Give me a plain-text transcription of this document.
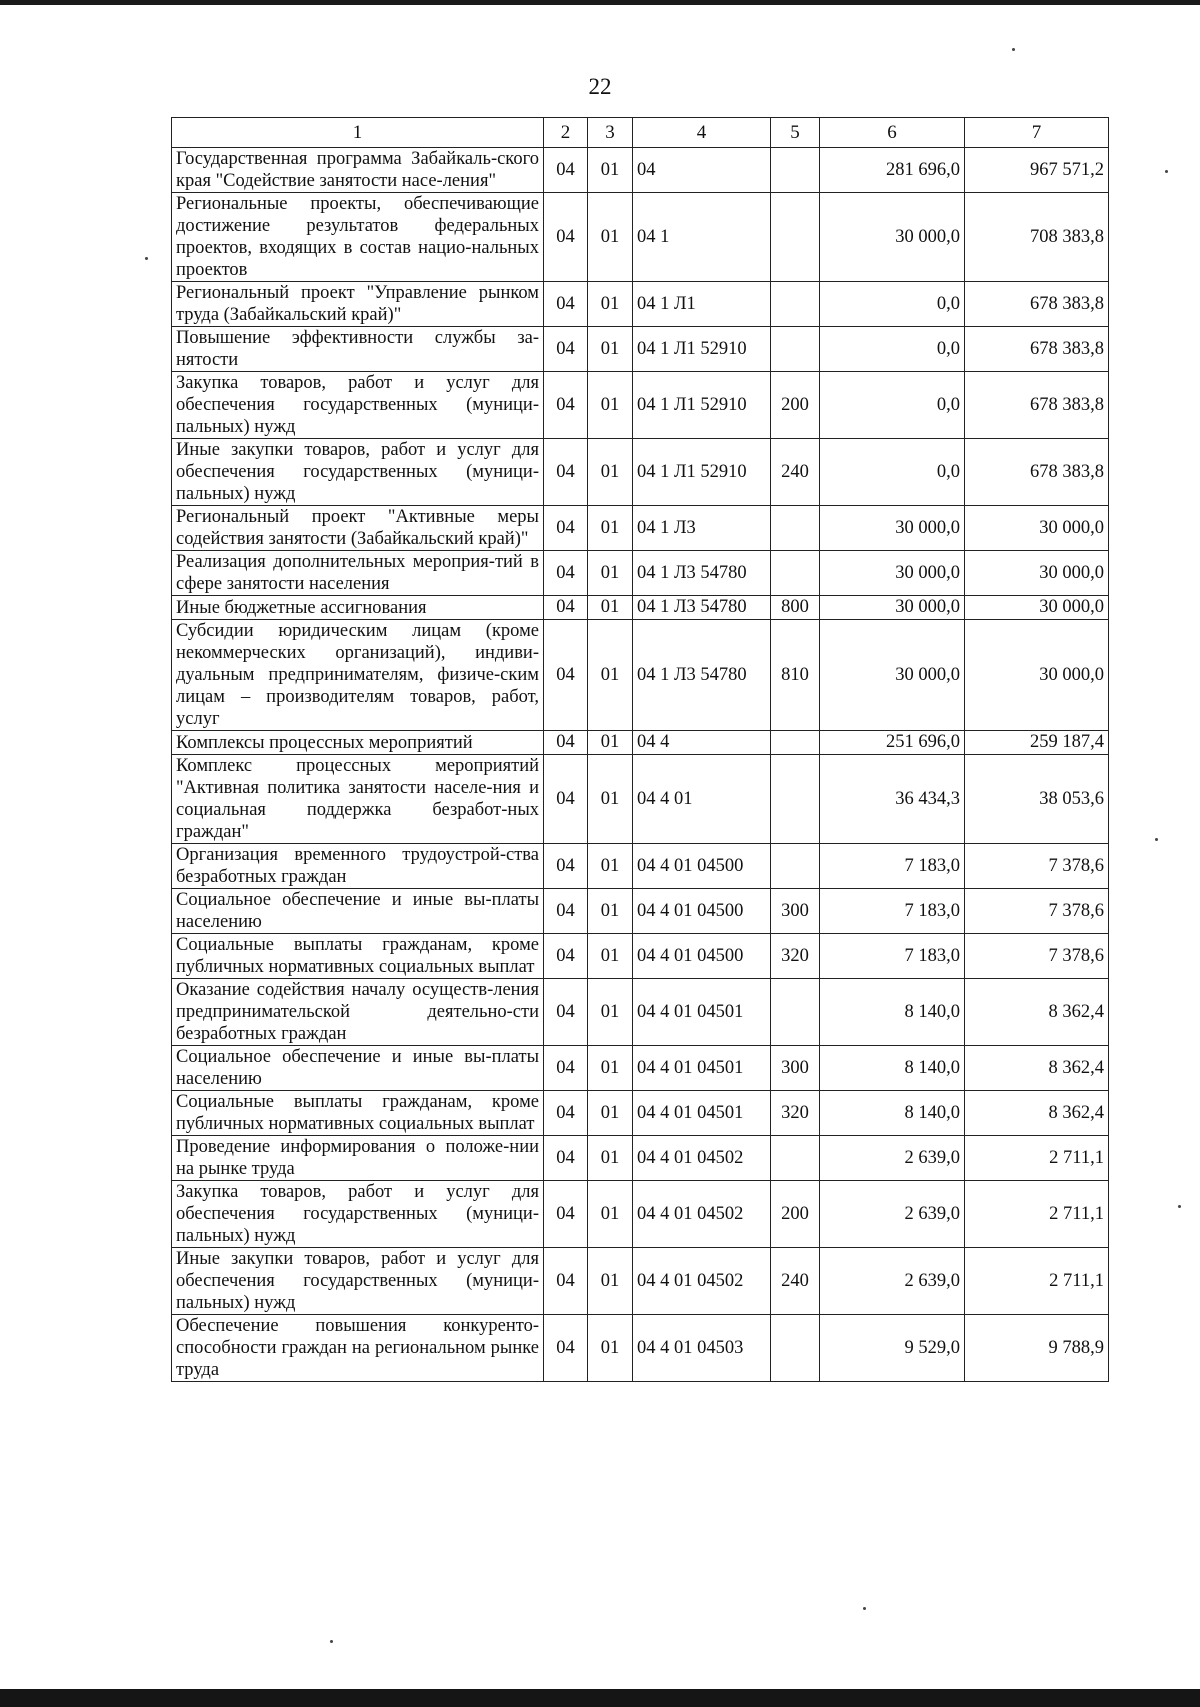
22
1	2	3	4	5	6	7
Государственная программа Забайкаль-ского края "Содействие занятости насе-ления"	04	01	04		281 696,0	967 571,2
Региональные проекты, обеспечивающие достижение результатов федеральных проектов, входящих в состав нацио-нальных проектов	04	01	04 1		30 000,0	708 383,8
Региональный проект "Управление рынком труда (Забайкальский край)"	04	01	04 1 Л1		0,0	678 383,8
Повышение эффективности службы за-нятости	04	01	04 1 Л1 52910		0,0	678 383,8
Закупка товаров, работ и услуг для обеспечения государственных (муници-пальных) нужд	04	01	04 1 Л1 52910	200	0,0	678 383,8
Иные закупки товаров, работ и услуг для обеспечения государственных (муници-пальных) нужд	04	01	04 1 Л1 52910	240	0,0	678 383,8
Региональный проект "Активные меры содействия занятости (Забайкальский край)"	04	01	04 1 Л3		30 000,0	30 000,0
Реализация дополнительных мероприя-тий в сфере занятости населения	04	01	04 1 Л3 54780		30 000,0	30 000,0
Иные бюджетные ассигнования	04	01	04 1 Л3 54780	800	30 000,0	30 000,0
Субсидии юридическим лицам (кроме некоммерческих организаций), индиви-дуальным предпринимателям, физиче-ским лицам – производителям товаров, работ, услуг	04	01	04 1 Л3 54780	810	30 000,0	30 000,0
Комплексы процессных мероприятий	04	01	04 4		251 696,0	259 187,4
Комплекс процессных мероприятий "Активная политика занятости населе-ния и социальная поддержка безработ-ных граждан"	04	01	04 4 01		36 434,3	38 053,6
Организация временного трудоустрой-ства безработных граждан	04	01	04 4 01 04500		7 183,0	7 378,6
Социальное обеспечение и иные вы-платы населению	04	01	04 4 01 04500	300	7 183,0	7 378,6
Социальные выплаты гражданам, кроме публичных нормативных социальных выплат	04	01	04 4 01 04500	320	7 183,0	7 378,6
Оказание содействия началу осуществ-ления предпринимательской деятельно-сти безработных граждан	04	01	04 4 01 04501		8 140,0	8 362,4
Социальное обеспечение и иные вы-платы населению	04	01	04 4 01 04501	300	8 140,0	8 362,4
Социальные выплаты гражданам, кроме публичных нормативных социальных выплат	04	01	04 4 01 04501	320	8 140,0	8 362,4
Проведение информирования о положе-нии на рынке труда	04	01	04 4 01 04502		2 639,0	2 711,1
Закупка товаров, работ и услуг для обеспечения государственных (муници-пальных) нужд	04	01	04 4 01 04502	200	2 639,0	2 711,1
Иные закупки товаров, работ и услуг для обеспечения государственных (муници-пальных) нужд	04	01	04 4 01 04502	240	2 639,0	2 711,1
Обеспечение повышения конкуренто-способности граждан на региональном рынке труда	04	01	04 4 01 04503		9 529,0	9 788,9
